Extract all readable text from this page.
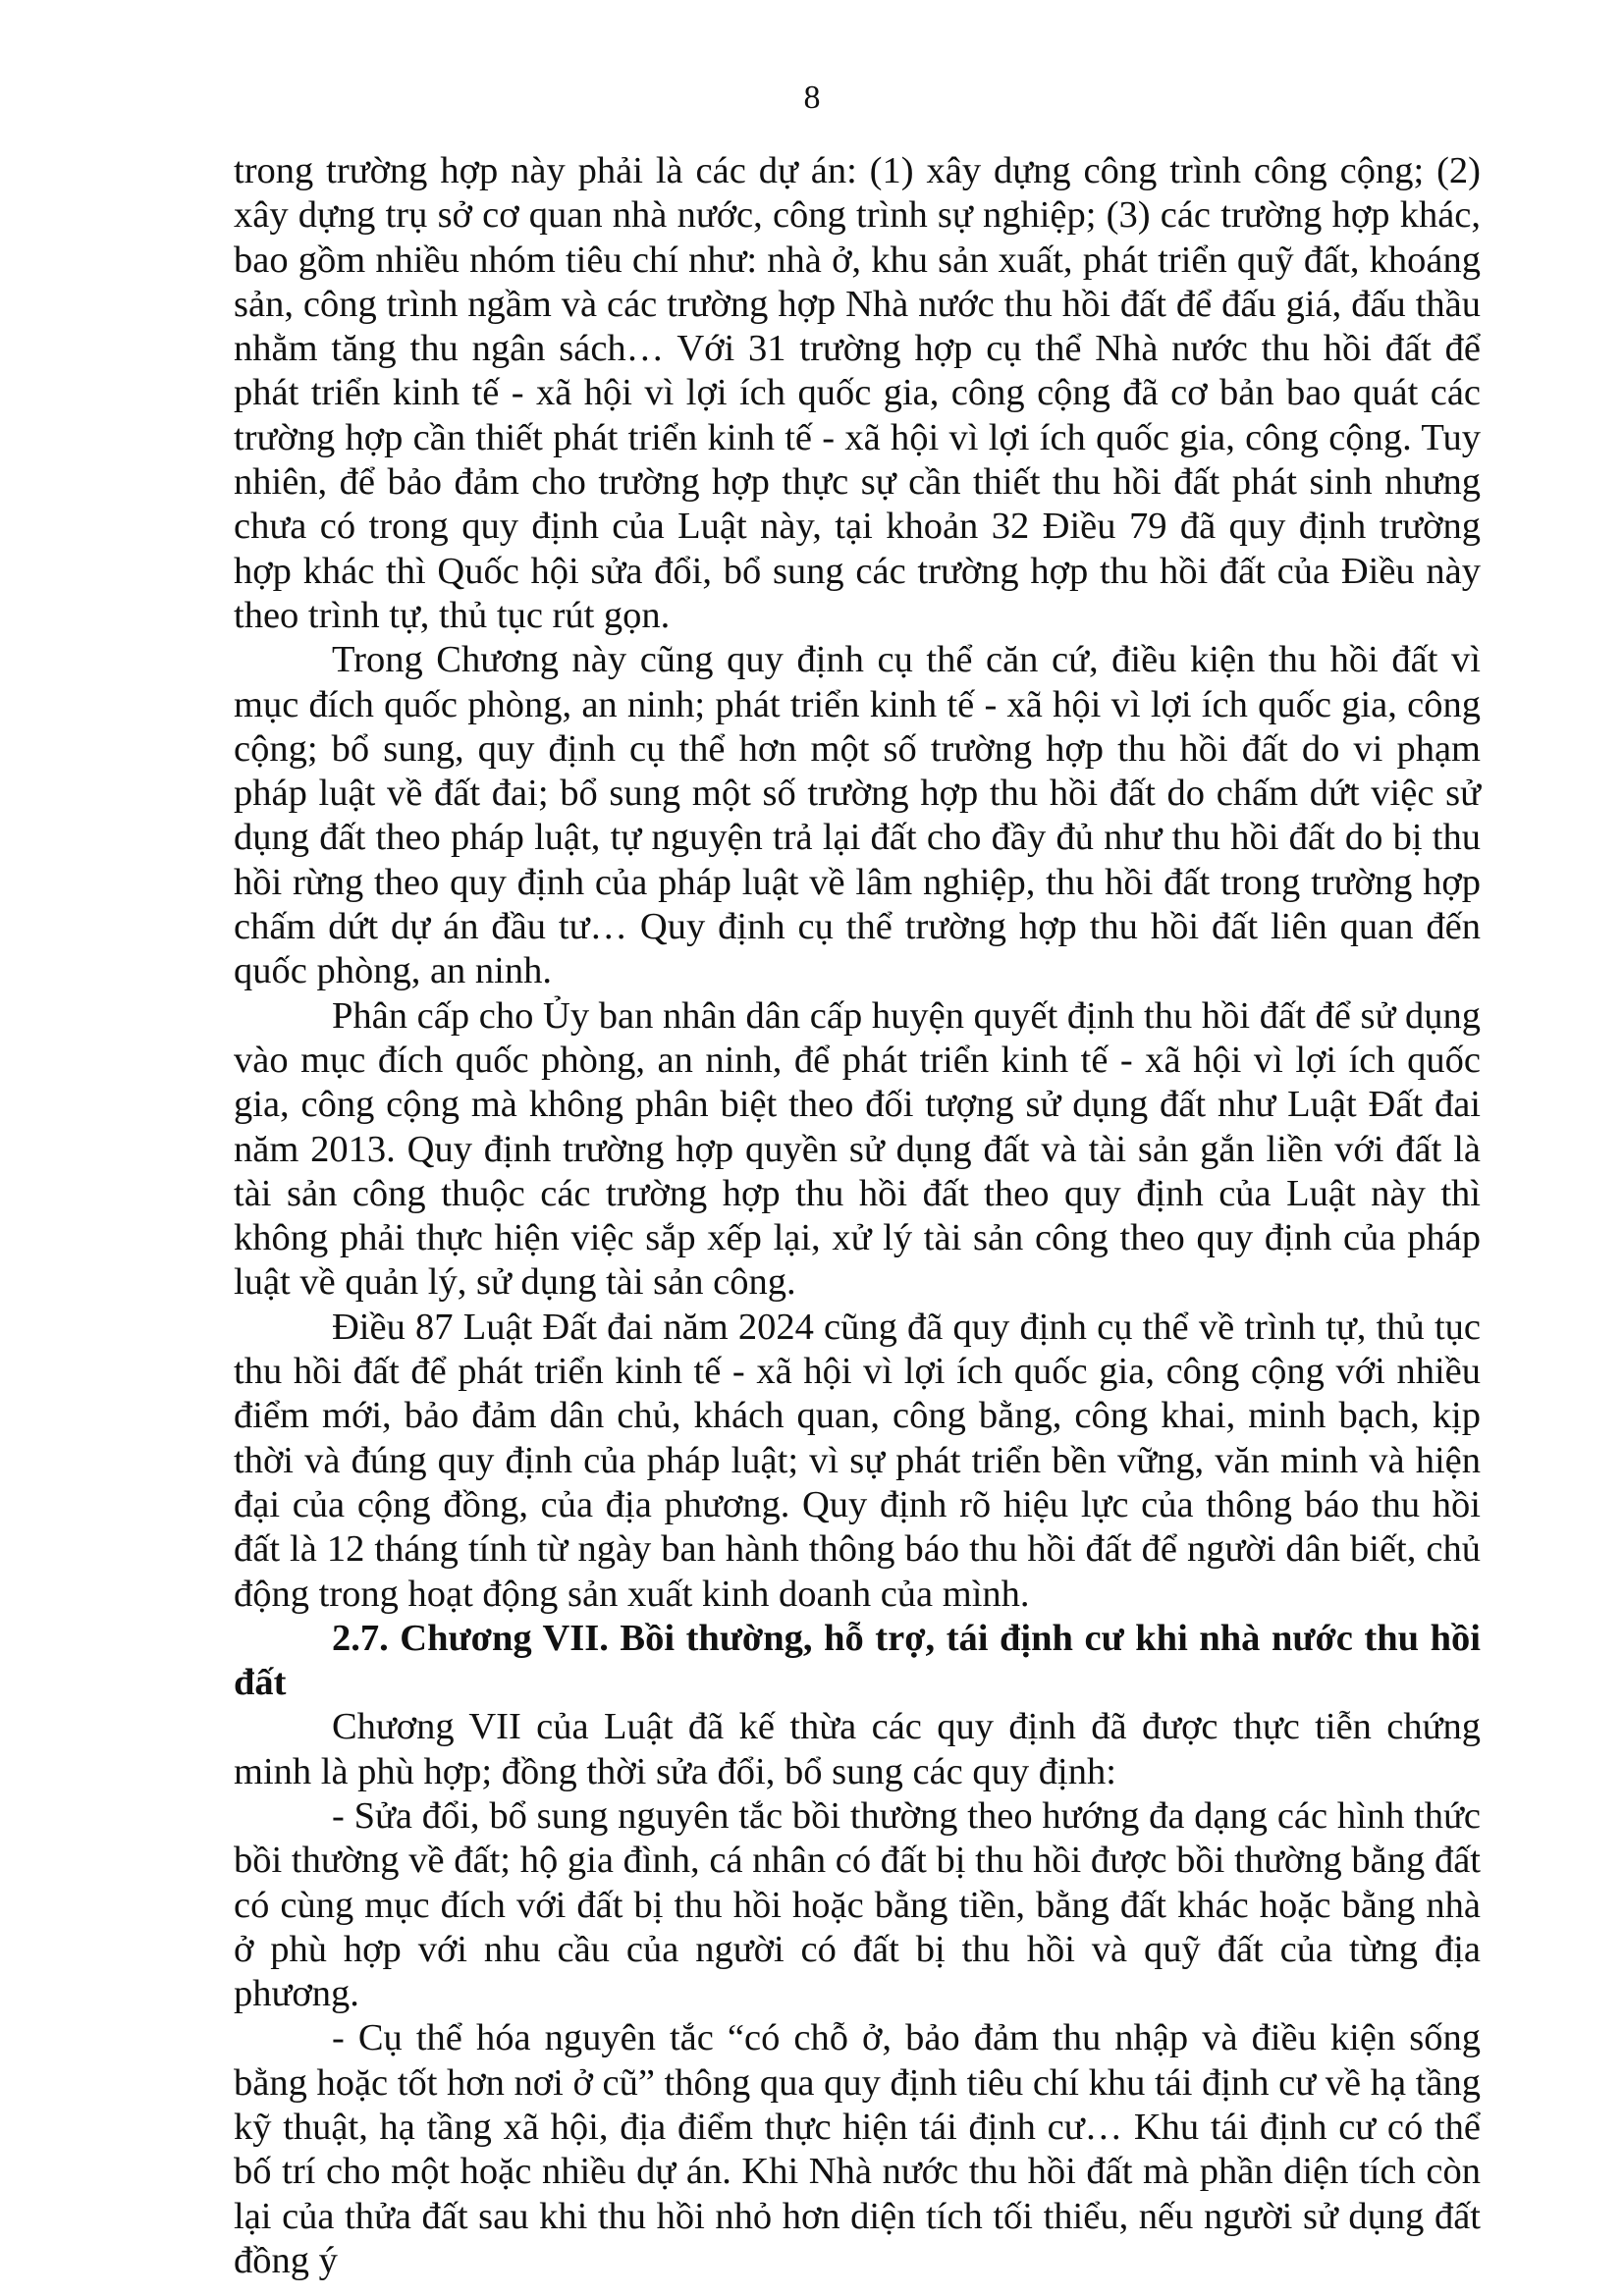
8

trong trường hợp này phải là các dự án: (1) xây dựng công trình công cộng; (2) xây dựng trụ sở cơ quan nhà nước, công trình sự nghiệp; (3) các trường hợp khác, bao gồm nhiều nhóm tiêu chí như: nhà ở, khu sản xuất, phát triển quỹ đất, khoáng sản, công trình ngầm và các trường hợp Nhà nước thu hồi đất để đấu giá, đấu thầu nhằm tăng thu ngân sách… Với 31 trường hợp cụ thể Nhà nước thu hồi đất để phát triển kinh tế - xã hội vì lợi ích quốc gia, công cộng đã cơ bản bao quát các trường hợp cần thiết phát triển kinh tế - xã hội vì lợi ích quốc gia, công cộng. Tuy nhiên, để bảo đảm cho trường hợp thực sự cần thiết thu hồi đất phát sinh nhưng chưa có trong quy định của Luật này, tại khoản 32 Điều 79 đã quy định trường hợp khác thì Quốc hội sửa đổi, bổ sung các trường hợp thu hồi đất của Điều này theo trình tự, thủ tục rút gọn.

Trong Chương này cũng quy định cụ thể căn cứ, điều kiện thu hồi đất vì mục đích quốc phòng, an ninh; phát triển kinh tế - xã hội vì lợi ích quốc gia, công cộng; bổ sung, quy định cụ thể hơn một số trường hợp thu hồi đất do vi phạm pháp luật về đất đai; bổ sung một số trường hợp thu hồi đất do chấm dứt việc sử dụng đất theo pháp luật, tự nguyện trả lại đất cho đầy đủ như thu hồi đất do bị thu hồi rừng theo quy định của pháp luật về lâm nghiệp, thu hồi đất trong trường hợp chấm dứt dự án đầu tư… Quy định cụ thể trường hợp thu hồi đất liên quan đến quốc phòng, an ninh.

Phân cấp cho Ủy ban nhân dân cấp huyện quyết định thu hồi đất để sử dụng vào mục đích quốc phòng, an ninh, để phát triển kinh tế - xã hội vì lợi ích quốc gia, công cộng mà không phân biệt theo đối tượng sử dụng đất như Luật Đất đai năm 2013. Quy định trường hợp quyền sử dụng đất và tài sản gắn liền với đất là tài sản công thuộc các trường hợp thu hồi đất theo quy định của Luật này thì không phải thực hiện việc sắp xếp lại, xử lý tài sản công theo quy định của pháp luật về quản lý, sử dụng tài sản công.

Điều 87 Luật Đất đai năm 2024 cũng đã quy định cụ thể về trình tự, thủ tục thu hồi đất để phát triển kinh tế - xã hội vì lợi ích quốc gia, công cộng với nhiều điểm mới, bảo đảm dân chủ, khách quan, công bằng, công khai, minh bạch, kịp thời và đúng quy định của pháp luật; vì sự phát triển bền vững, văn minh và hiện đại của cộng đồng, của địa phương. Quy định rõ hiệu lực của thông báo thu hồi đất là 12 tháng tính từ ngày ban hành thông báo thu hồi đất để người dân biết, chủ động trong hoạt động sản xuất kinh doanh của mình.

2.7. Chương VII. Bồi thường, hỗ trợ, tái định cư khi nhà nước thu hồi đất

Chương VII của Luật đã kế thừa các quy định đã được thực tiễn chứng minh là phù hợp; đồng thời sửa đổi, bổ sung các quy định:

- Sửa đổi, bổ sung nguyên tắc bồi thường theo hướng đa dạng các hình thức bồi thường về đất; hộ gia đình, cá nhân có đất bị thu hồi được bồi thường bằng đất có cùng mục đích với đất bị thu hồi hoặc bằng tiền, bằng đất khác hoặc bằng nhà ở phù hợp với nhu cầu của người có đất bị thu hồi và quỹ đất của từng địa phương.

- Cụ thể hóa nguyên tắc “có chỗ ở, bảo đảm thu nhập và điều kiện sống bằng hoặc tốt hơn nơi ở cũ” thông qua quy định tiêu chí khu tái định cư về hạ tầng kỹ thuật, hạ tầng xã hội, địa điểm thực hiện tái định cư… Khu tái định cư có thể bố trí cho một hoặc nhiều dự án. Khi Nhà nước thu hồi đất mà phần diện tích còn lại của thửa đất sau khi thu hồi nhỏ hơn diện tích tối thiểu, nếu người sử dụng đất đồng ý
